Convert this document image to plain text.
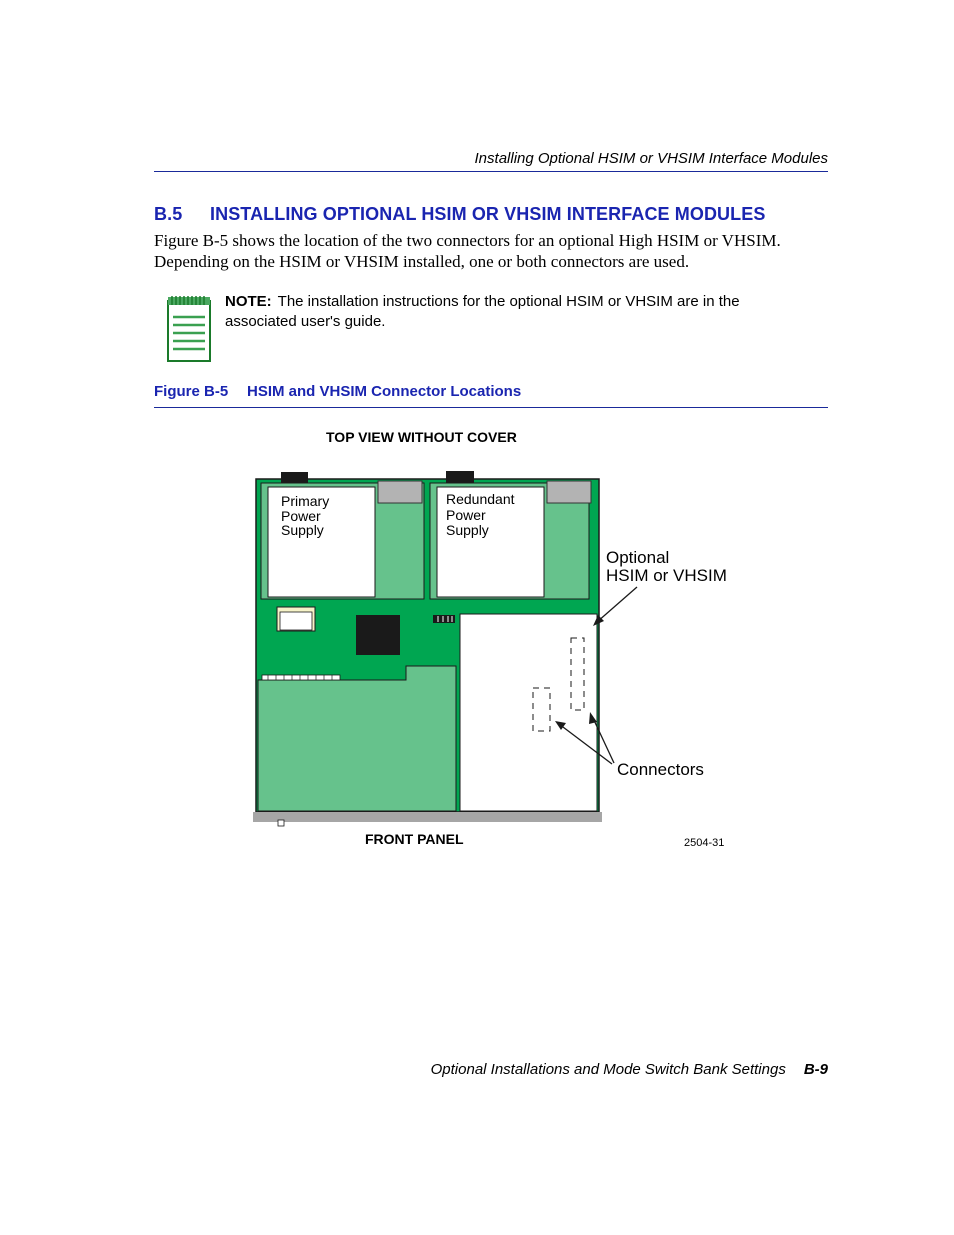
Installing Optional HSIM or VHSIM Interface Modules
B.5 INSTALLING OPTIONAL HSIM OR VHSIM INTERFACE MODULES
Figure B-5 shows the location of the two connectors for an optional High HSIM or VHSIM. Depending on the HSIM or VHSIM installed, one or both connectors are used.
NOTE: The installation instructions for the optional HSIM or VHSIM are in the associated user's guide.
Figure B-5 HSIM and VHSIM Connector Locations
TOP VIEW WITHOUT COVER
Primary
Power
Supply
Redundant
Power
Supply
Optional
HSIM or VHSIM
Connectors
FRONT PANEL	2504-31
Optional Installations and Mode Switch Bank Settings B-9
